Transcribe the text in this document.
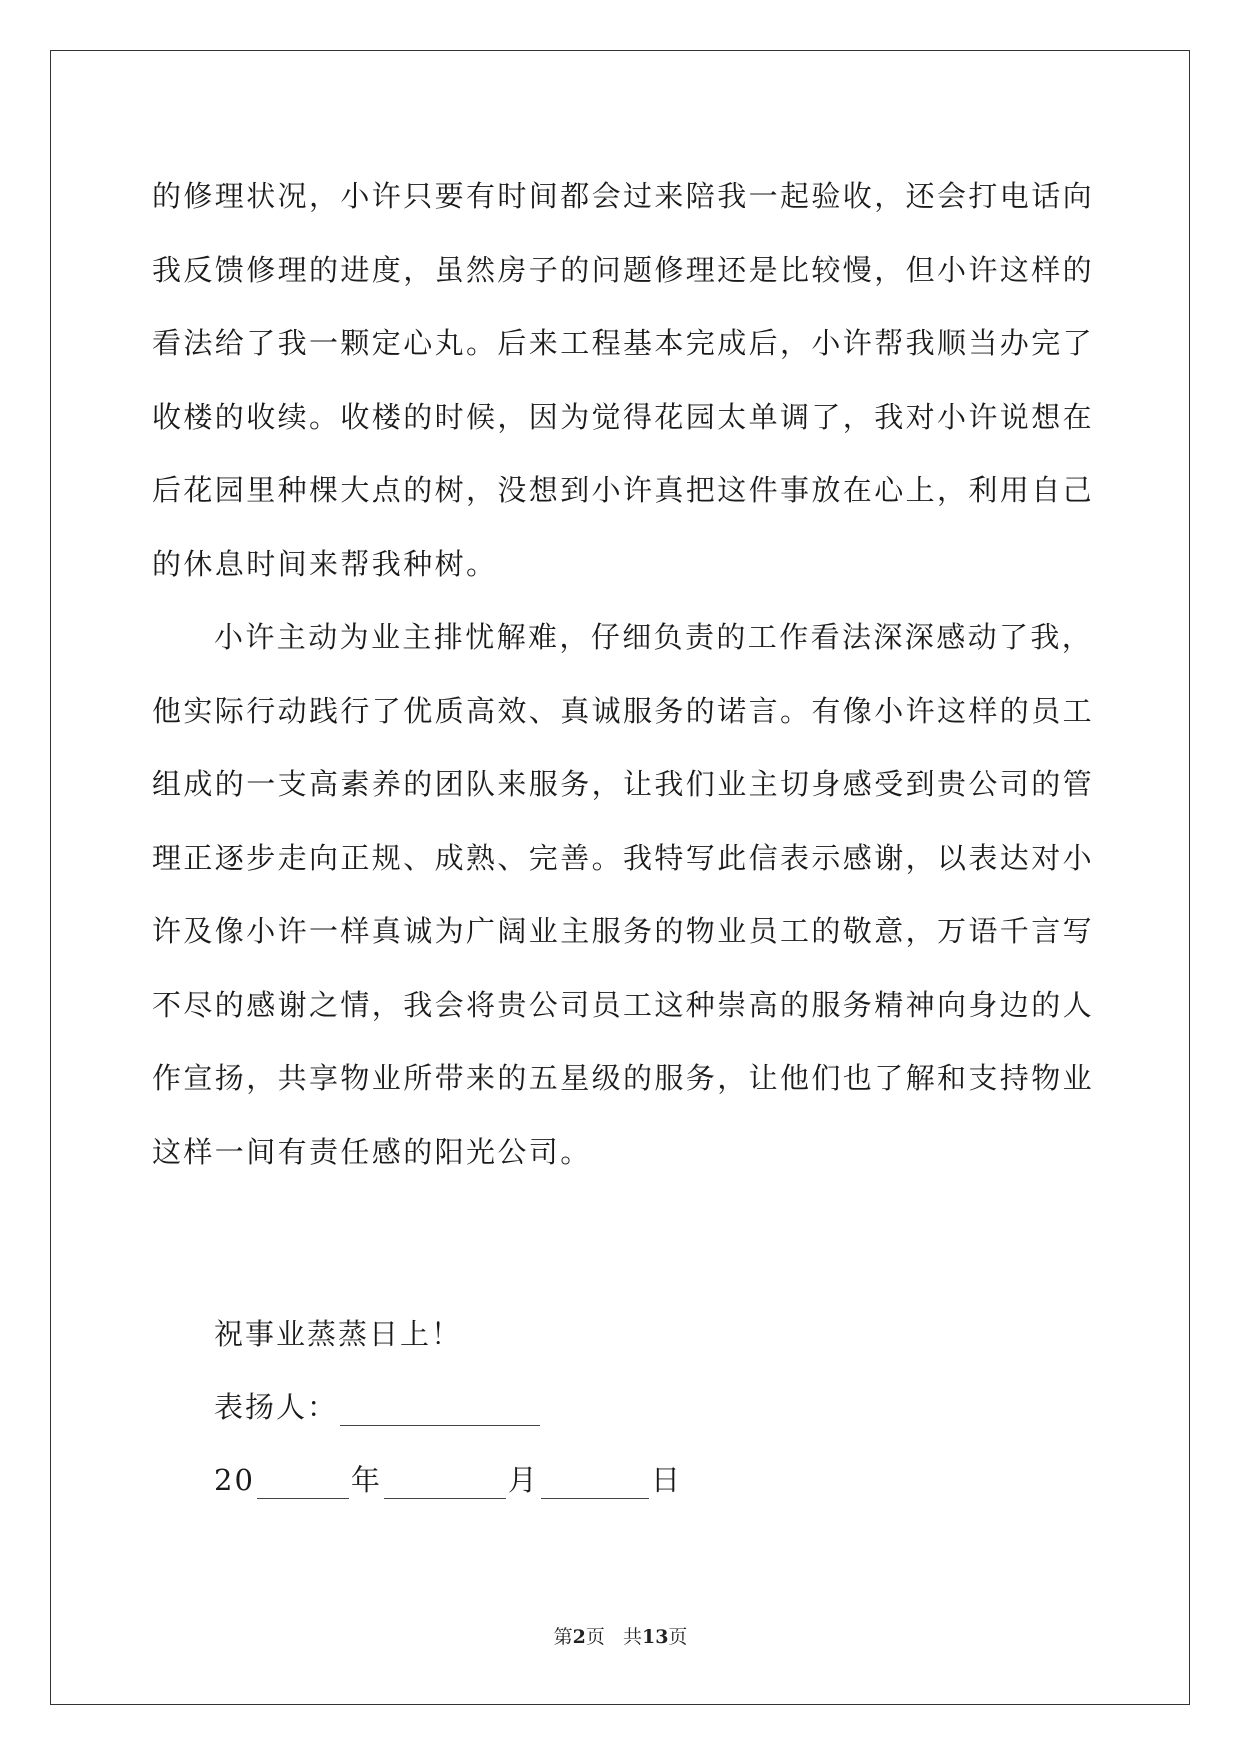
的修理状况，小许只要有时间都会过来陪我一起验收，还会打电话向
我反馈修理的进度，虽然房子的问题修理还是比较慢，但小许这样的
看法给了我一颗定心丸。后来工程基本完成后，小许帮我顺当办完了
收楼的收续。收楼的时候，因为觉得花园太单调了，我对小许说想在
后花园里种棵大点的树，没想到小许真把这件事放在心上，利用自己
的休息时间来帮我种树。

小许主动为业主排忧解难，仔细负责的工作看法深深感动了我，
他实际行动践行了优质高效、真诚服务的诺言。有像小许这样的员工
组成的一支高素养的团队来服务，让我们业主切身感受到贵公司的管
理正逐步走向正规、成熟、完善。我特写此信表示感谢，以表达对小
许及像小许一样真诚为广阔业主服务的物业员工的敬意，万语千言写
不尽的感谢之情，我会将贵公司员工这种崇高的服务精神向身边的人
作宣扬，共享物业所带来的五星级的服务，让他们也了解和支持物业
这样一间有责任感的阳光公司。

祝事业蒸蒸日上！
表扬人：
20	年	月	日
第2页 共13页
